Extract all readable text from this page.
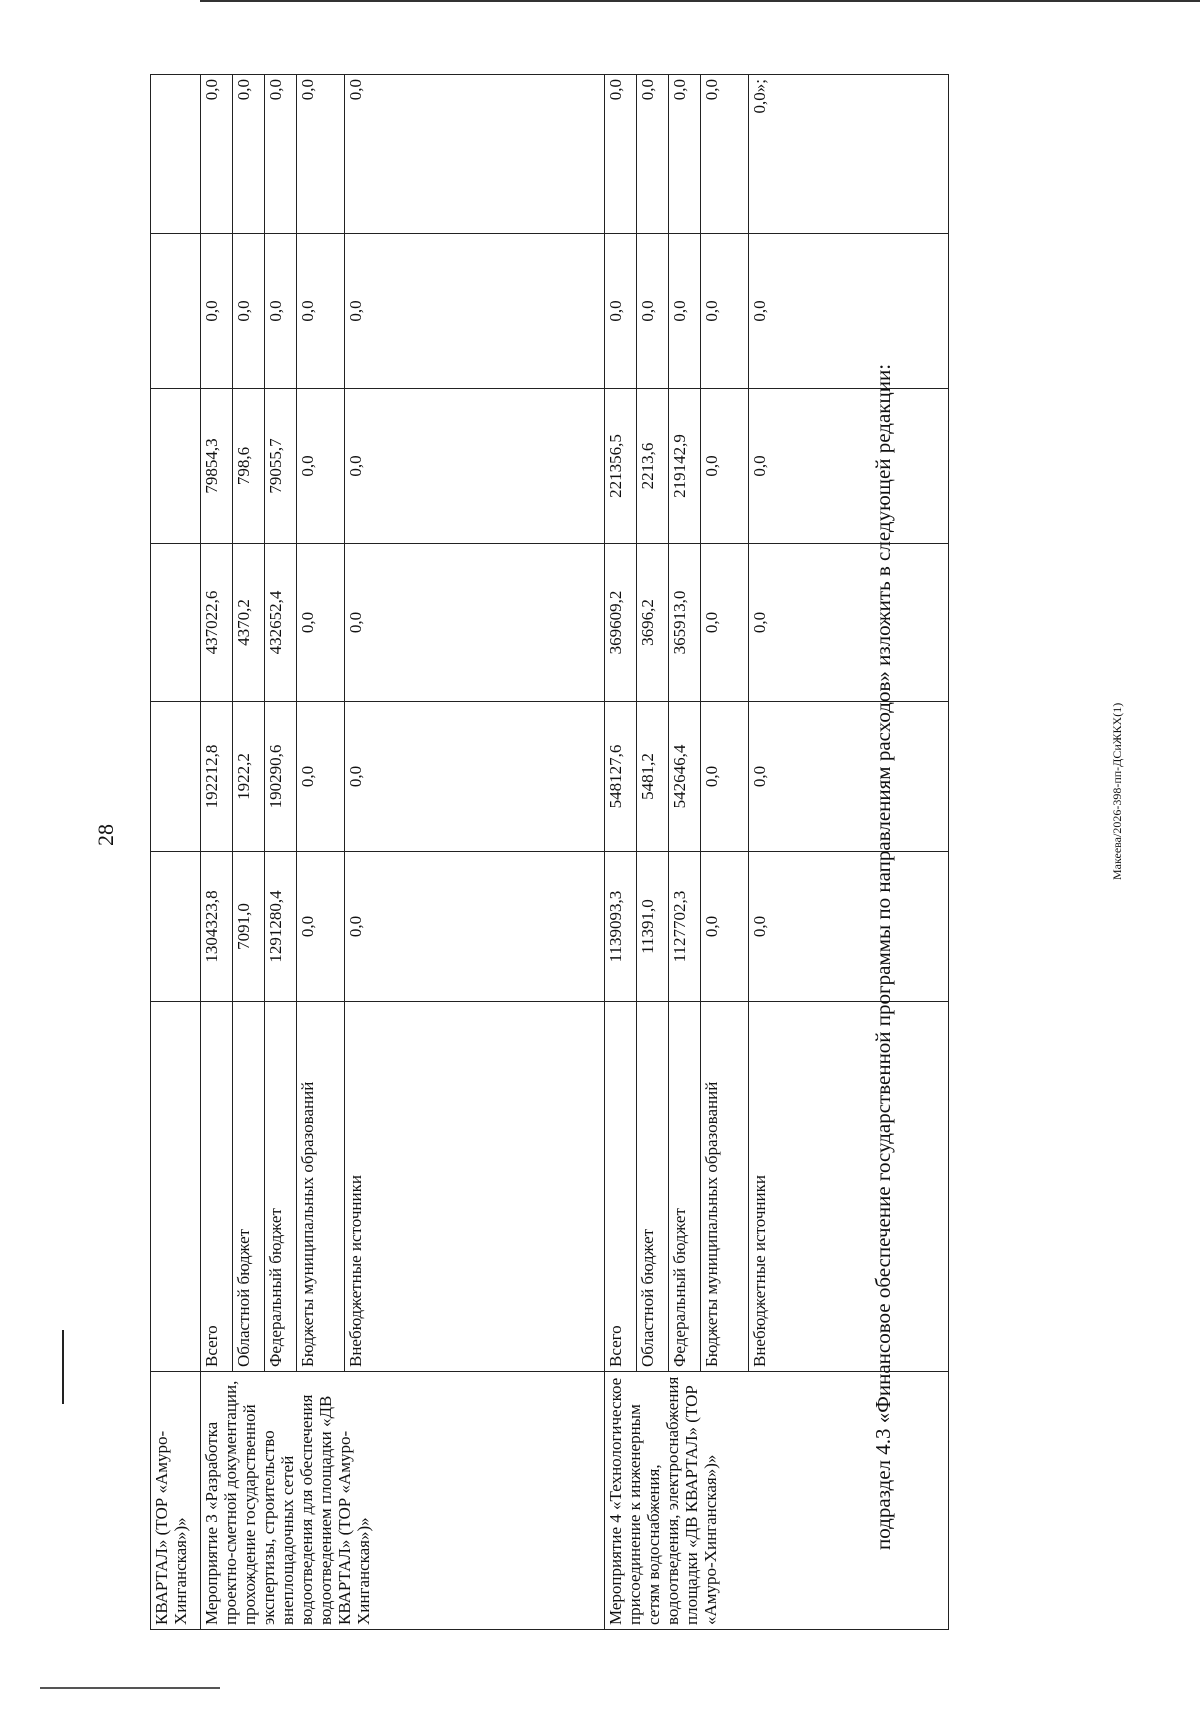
28
КВАРТАЛ» (ТОР «Амуро-Хинганская»)»							
Мероприятие 3 «Разработка проектно-сметной документации, прохождение государственной экспертизы, строительство внеплощадочных сетей водоотведения для обеспечения водоотведением площадки «ДВ КВАРТАЛ» (ТОР «Амуро-Хинганская»)»	Всего	1304323,8	192212,8	437022,6	79854,3	0,0	0,0
	Областной бюджет	7091,0	1922,2	4370,2	798,6	0,0	0,0
	Федеральный бюджет	1291280,4	190290,6	432652,4	79055,7	0,0	0,0
	Бюджеты муниципальных образований	0,0	0,0	0,0	0,0	0,0	0,0
	Внебюджетные источники	0,0	0,0	0,0	0,0	0,0	0,0
Мероприятие 4 «Технологическое присоединение к инженерным сетям водоснабжения, водоотведения, электроснабжения площадки «ДВ КВАРТАЛ» (ТОР «Амуро-Хинганская»)»	Всего	1139093,3	548127,6	369609,2	221356,5	0,0	0,0
	Областной бюджет	11391,0	5481,2	3696,2	2213,6	0,0	0,0
	Федеральный бюджет	1127702,3	542646,4	365913,0	219142,9	0,0	0,0
	Бюджеты муниципальных образований	0,0	0,0	0,0	0,0	0,0	0,0
	Внебюджетные источники	0,0	0,0	0,0	0,0	0,0	0,0»;
подраздел 4.3 «Финансовое обеспечение государственной программы по направлениям расходов» изложить в следующей редакции:	Макеева/2026-398-пп-ДСиЖКХ(1)
